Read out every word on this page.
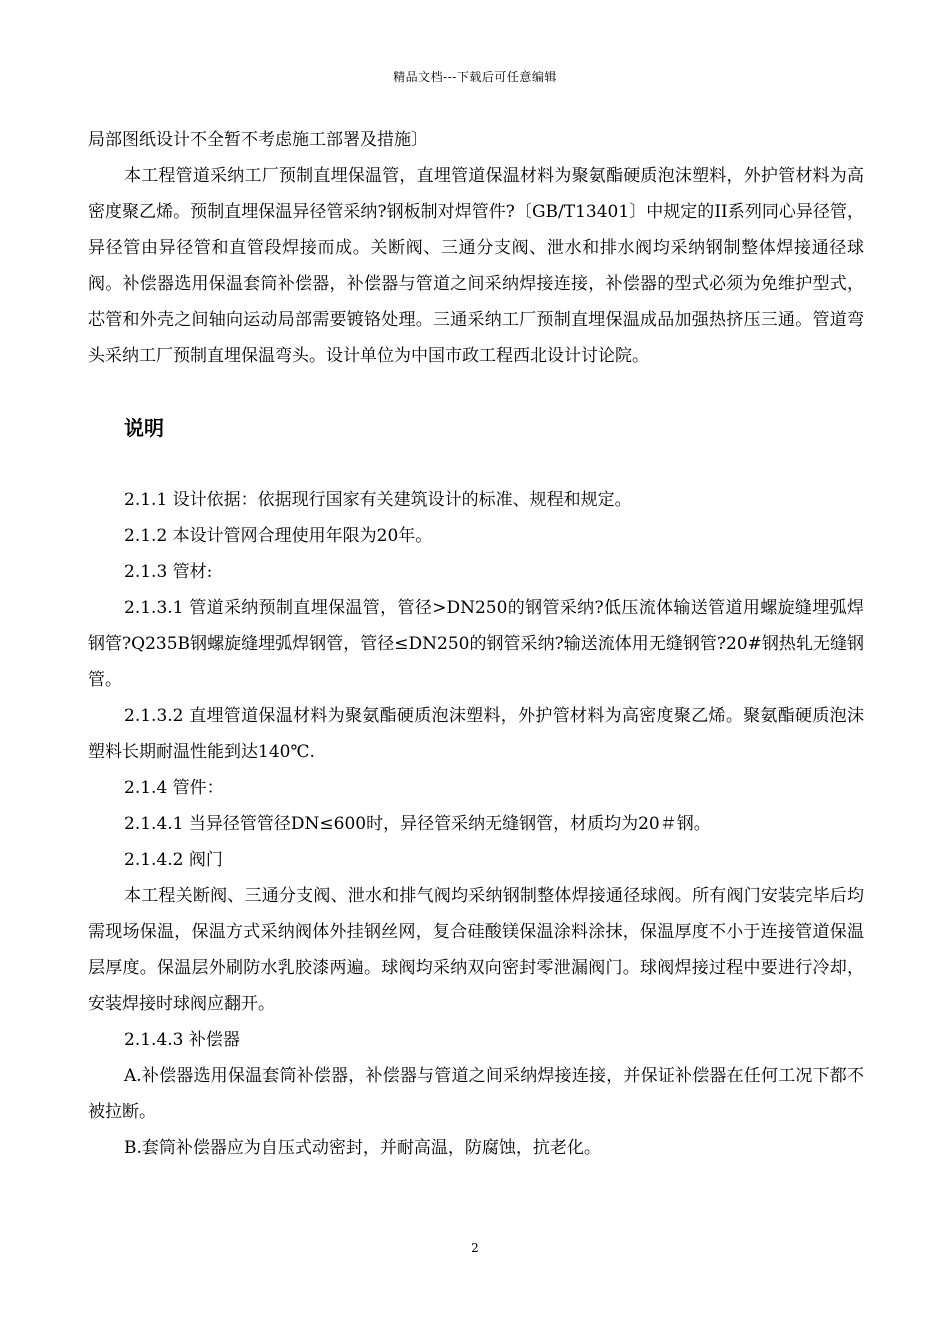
精品文档---下载后可任意编辑

局部图纸设计不全暂不考虑施工部署及措施〕

本工程管道采纳工厂预制直埋保温管，直埋管道保温材料为聚氨酯硬质泡沫塑料，外护管材料为高密度聚乙烯。预制直埋保温异径管采纳?钢板制对焊管件?〔GB/T13401〕中规定的II系列同心异径管，异径管由异径管和直管段焊接而成。关断阀、三通分支阀、泄水和排水阀均采纳钢制整体焊接通径球阀。补偿器选用保温套筒补偿器，补偿器与管道之间采纳焊接连接，补偿器的型式必须为免维护型式，芯管和外壳之间轴向运动局部需要镀铬处理。三通采纳工厂预制直埋保温成品加强热挤压三通。管道弯头采纳工厂预制直埋保温弯头。设计单位为中国市政工程西北设计讨论院。

说明

2.1.1 设计依据：依据现行国家有关建筑设计的标准、规程和规定。

2.1.2 本设计管网合理使用年限为20年。

2.1.3 管材:

2.1.3.1 管道采纳预制直埋保温管，管径>DN250的钢管采纳?低压流体输送管道用螺旋缝埋弧焊钢管?Q235B钢螺旋缝埋弧焊钢管，管径≤DN250的钢管采纳?输送流体用无缝钢管?20#钢热轧无缝钢管。

2.1.3.2 直埋管道保温材料为聚氨酯硬质泡沫塑料，外护管材料为高密度聚乙烯。聚氨酯硬质泡沫塑料长期耐温性能到达140℃.

2.1.4 管件：

2.1.4.1 当异径管管径DN≤600时，异径管采纳无缝钢管，材质均为20＃钢。

2.1.4.2 阀门

本工程关断阀、三通分支阀、泄水和排气阀均采纳钢制整体焊接通径球阀。所有阀门安装完毕后均需现场保温，保温方式采纳阀体外挂钢丝网，复合硅酸镁保温涂料涂抹，保温厚度不小于连接管道保温层厚度。保温层外刷防水乳胶漆两遍。球阀均采纳双向密封零泄漏阀门。球阀焊接过程中要进行冷却，安装焊接时球阀应翻开。

2.1.4.3 补偿器

A.补偿器选用保温套筒补偿器，补偿器与管道之间采纳焊接连接，并保证补偿器在任何工况下都不被拉断。

B.套筒补偿器应为自压式动密封，并耐高温，防腐蚀，抗老化。

2
